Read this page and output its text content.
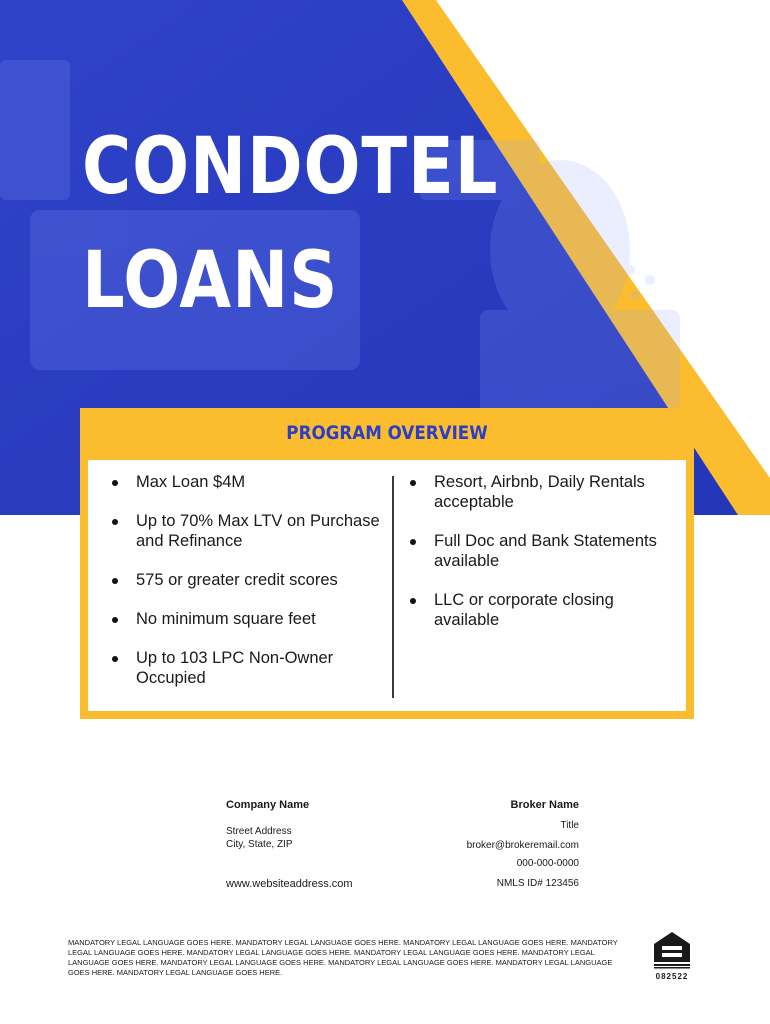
CONDOTEL
LOANS
PROGRAM OVERVIEW
Max Loan $4M
Up to 70% Max LTV on Purchase and Refinance
575 or greater credit scores
No minimum square feet
Up to 103 LPC Non-Owner Occupied
Resort, Airbnb, Daily Rentals acceptable
Full Doc and Bank Statements available
LLC or corporate closing available
Company Name
Street Address
City, State, ZIP
www.websiteaddress.com
Broker Name
Title
broker@brokeremail.com
000-000-0000
NMLS ID# 123456

MANDATORY LEGAL LANGUAGE GOES HERE. MANDATORY LEGAL LANGUAGE GOES HERE. MANDATORY LEGAL LANGUAGE GOES HERE. MANDATORY LEGAL LANGUAGE GOES HERE. MANDATORY LEGAL LANGUAGE GOES HERE. MANDATORY LEGAL LANGUAGE GOES HERE. MANDATORY LEGAL LANGUAGE GOES HERE. MANDATORY LEGAL LANGUAGE GOES HERE. MANDATORY LEGAL LANGUAGE GOES HERE. MANDATORY LEGAL LANGUAGE GOES HERE. MANDATORY LEGAL LANGUAGE GOES HERE.	082522
